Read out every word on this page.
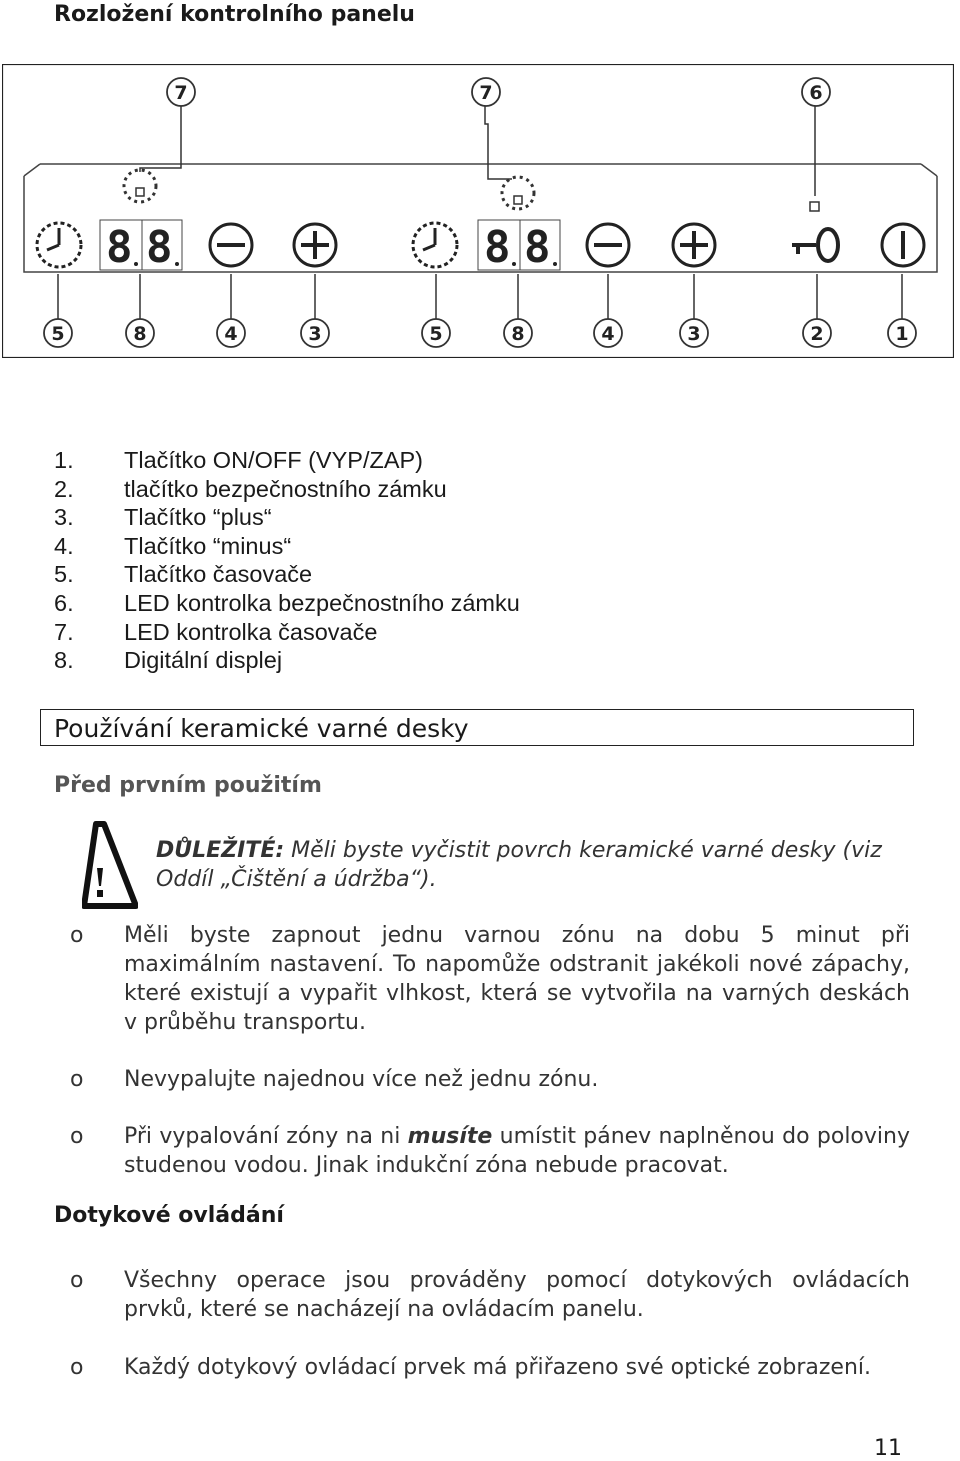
Rozložení kontrolního panelu
8 8	8 8
7	7	6
5	8	4	3	5	8	4	3	2	1
1.	Tlačítko ON/OFF (VYP/ZAP)
2.	tlačítko bezpečnostního zámku
3.	Tlačítko “plus“
4.	Tlačítko “minus“
5.	Tlačítko časovače
6.	LED kontrolka bezpečnostního zámku
7.	LED kontrolka časovače
8.	Digitální displej
Používání keramické varné desky
Před prvním použitím
DŮLEŽITÉ: Měli byste vyčistit povrch keramické varné desky (viz Oddíl „Čištění a údržba“).
o	Měli byste zapnout jednu varnou zónu na dobu 5 minut při maximálním nastavení. To napomůže odstranit jakékoli nové zápachy, které existují a vypařit vlhkost, která se vytvořila na varných deskách v průběhu transportu.
o	Nevypalujte najednou více než jednu zónu.
o	Při vypalování zóny na ni musíte umístit pánev naplněnou do poloviny studenou vodou. Jinak indukční zóna nebude pracovat.
Dotykové ovládání
o	Všechny operace jsou prováděny pomocí dotykových ovládacích prvků, které se nacházejí na ovládacím panelu.
o	Každý dotykový ovládací prvek má přiřazeno své optické zobrazení.
11
